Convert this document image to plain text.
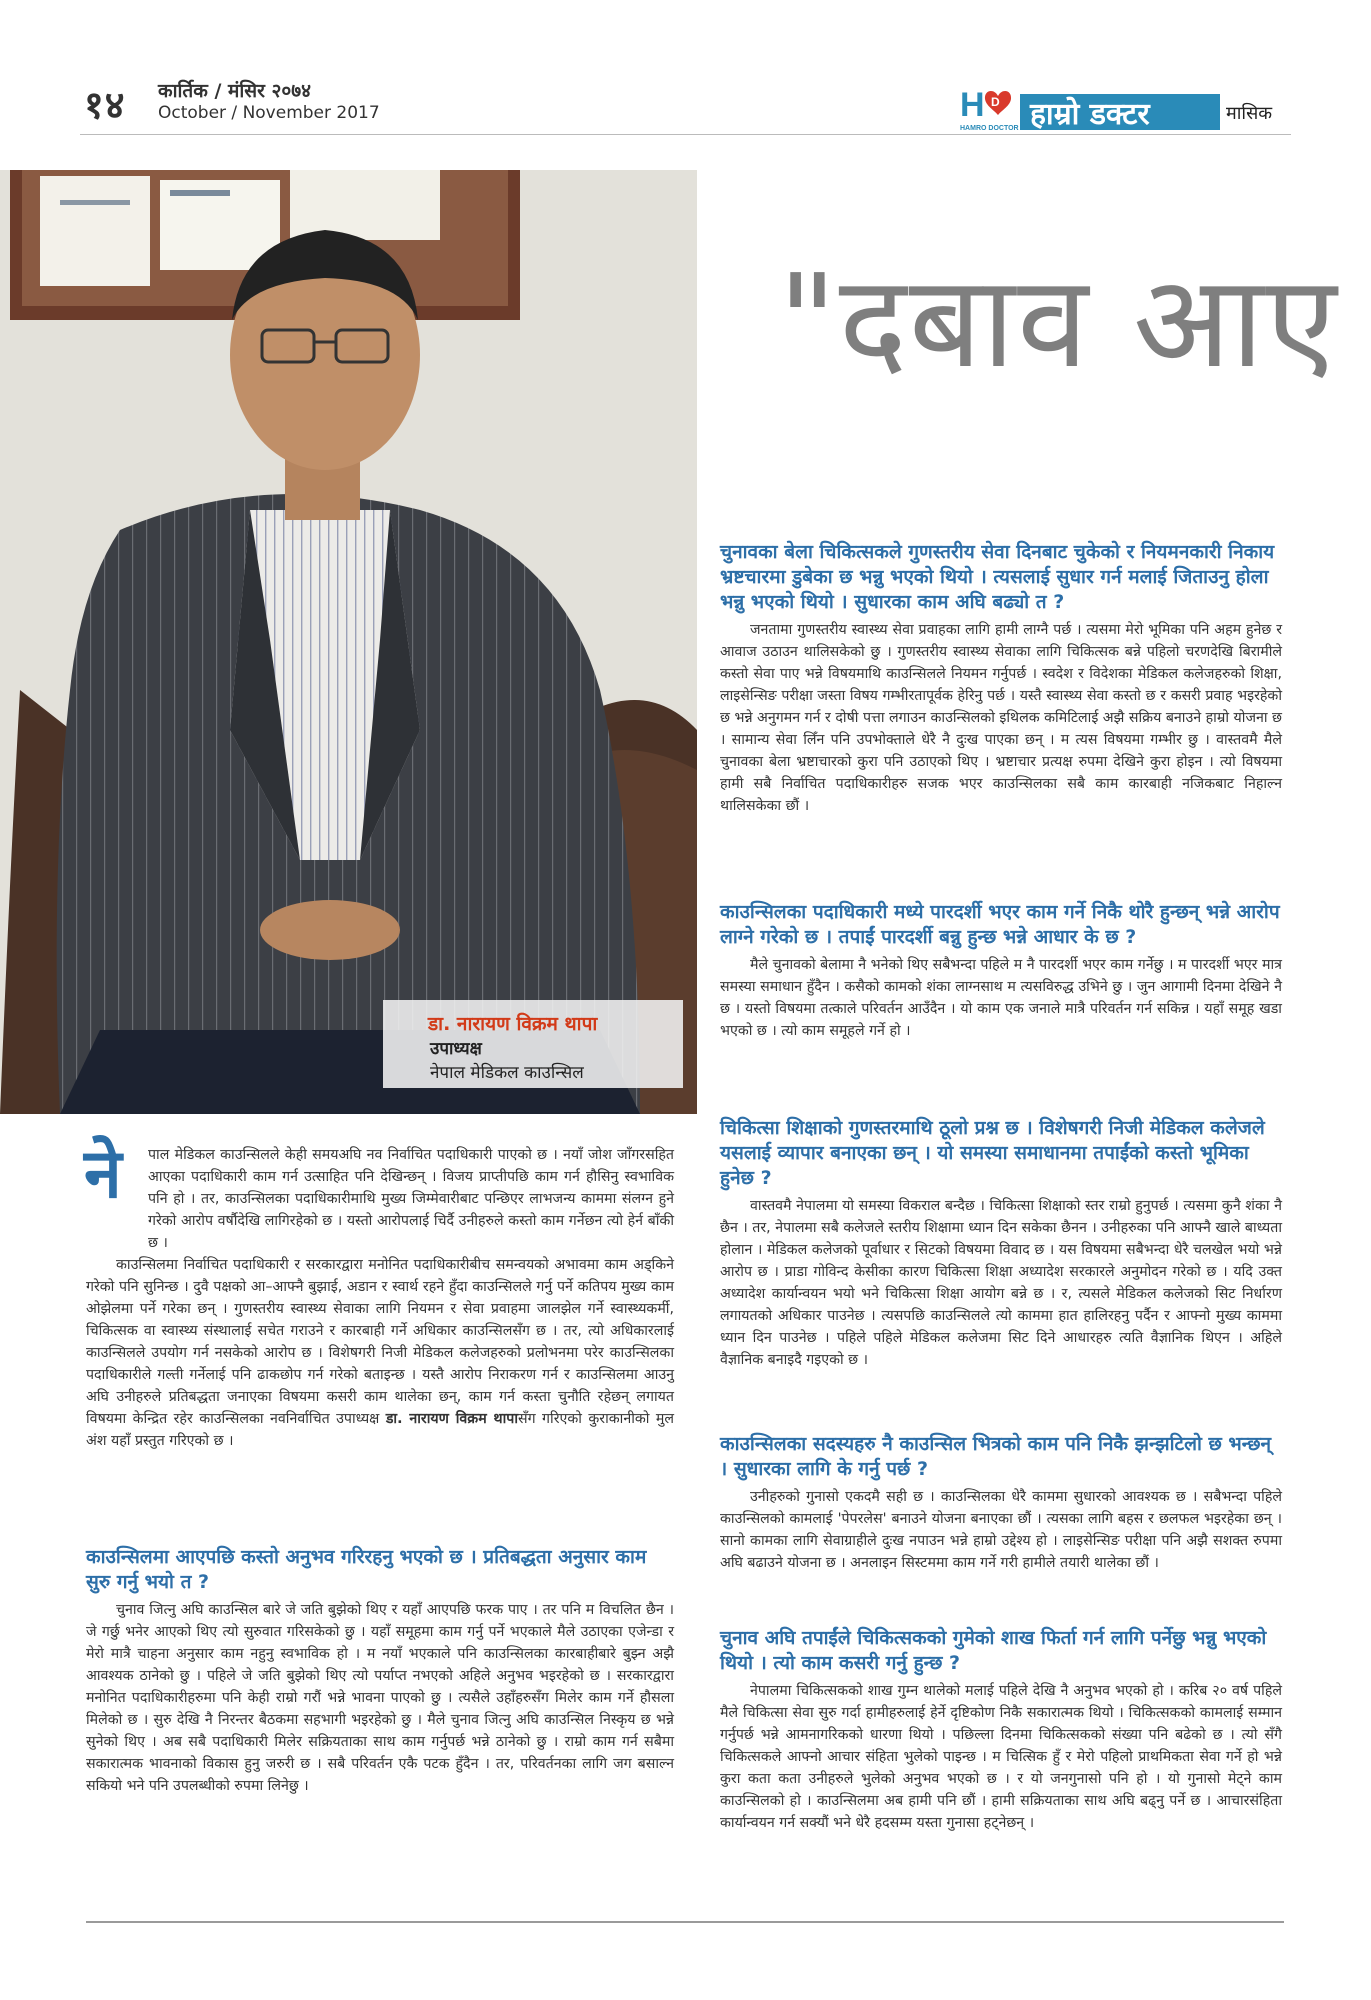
१४ कार्तिक / मंसिर २०७४
October / November 2017	H D
HAMRO DOCTOR हाम्रो डक्टर	मासिक
डा. नारायण विक्रम थापा
उपाध्यक्ष
नेपाल मेडिकल काउन्सिल
"दबाव आए

चुनावका बेला चिकित्सकले गुणस्तरीय सेवा दिनबाट चुकेको र नियमनकारी निकाय भ्रष्टचारमा डुबेका छ भन्नु भएको थियो । त्यसलाई सुधार गर्न मलाई जिताउनु होला भन्नु भएको थियो । सुधारका काम अघि बढ्यो त ?

जनतामा गुणस्तरीय स्वास्थ्य सेवा प्रवाहका लागि हामी लाग्नै पर्छ । त्यसमा मेरो भूमिका पनि अहम हुनेछ र आवाज उठाउन थालिसकेको छु । गुणस्तरीय स्वास्थ्य सेवाका लागि चिकित्सक बन्ने पहिलो चरणदेखि बिरामीले कस्तो सेवा पाए भन्ने विषयमाथि काउन्सिलले नियमन गर्नुपर्छ । स्वदेश र विदेशका मेडिकल कलेजहरुको शिक्षा, लाइसेन्सिङ परीक्षा जस्ता विषय गम्भीरतापूर्वक हेरिनु पर्छ । यस्तै स्वास्थ्य सेवा कस्तो छ र कसरी प्रवाह भइरहेको छ भन्ने अनुगमन गर्न र दोषी पत्ता लगाउन काउन्सिलको इथिलक कमिटिलाई अझै सक्रिय बनाउने हाम्रो योजना छ । सामान्य सेवा लिँन पनि उपभोक्ताले धेरै नै दुःख पाएका छन् । म त्यस विषयमा गम्भीर छु । वास्तवमै मैले चुनावका बेला भ्रष्टाचारको कुरा पनि उठाएको थिए । भ्रष्टाचार प्रत्यक्ष रुपमा देखिने कुरा होइन । त्यो विषयमा हामी सबै निर्वाचित पदाधिकारीहरु सजक भएर काउन्सिलका सबै काम कारबाही नजिकबाट निहाल्न थालिसकेका छौं ।

काउन्सिलका पदाधिकारी मध्ये पारदर्शी भएर काम गर्ने निकै थोरै हुन्छन् भन्ने आरोप लाग्ने गरेको छ । तपाईं पारदर्शी बन्नु हुन्छ भन्ने आधार के छ ?

मैले चुनावको बेलामा नै भनेको थिए सबैभन्दा पहिले म नै पारदर्शी भएर काम गर्नेछु । म पारदर्शी भएर मात्र समस्या समाधान हुँदैन । कसैको कामको शंका लाग्नसाथ म त्यसविरुद्ध उभिने छु । जुन आगामी दिनमा देखिने नै छ । यस्तो विषयमा तत्काले परिवर्तन आउँदैन । यो काम एक जनाले मात्रै परिवर्तन गर्न सकिन्न । यहाँ समूह खडा भएको छ । त्यो काम समूहले गर्ने हो ।

चिकित्सा शिक्षाको गुणस्तरमाथि ठूलो प्रश्न छ । विशेषगरी निजी मेडिकल कलेजले यसलाई व्यापार बनाएका छन् । यो समस्या समाधानमा तपाईंको कस्तो भूमिका हुनेछ ?

वास्तवमै नेपालमा यो समस्या विकराल बन्दैछ । चिकित्सा शिक्षाको स्तर राम्रो हुनुपर्छ । त्यसमा कुनै शंका नै छैन । तर, नेपालमा सबै कलेजले स्तरीय शिक्षामा ध्यान दिन सकेका छैनन । उनीहरुका पनि आफ्नै खाले बाध्यता होलान । मेडिकल कलेजको पूर्वाधार र सिटको विषयमा विवाद छ । यस विषयमा सबैभन्दा धेरै चलखेल भयो भन्ने आरोप छ । प्राडा गोविन्द केसीका कारण चिकित्सा शिक्षा अध्यादेश सरकारले अनुमोदन गरेको छ । यदि उक्त अध्यादेश कार्यान्वयन भयो भने चिकित्सा शिक्षा आयोग बन्ने छ । र, त्यसले मेडिकल कलेजको सिट निर्धारण लगायतको अधिकार पाउनेछ । त्यसपछि काउन्सिलले त्यो काममा हात हालिरहनु पर्दैन र आफ्नो मुख्य काममा ध्यान दिन पाउनेछ । पहिले पहिले मेडिकल कलेजमा सिट दिने आधारहरु त्यति वैज्ञानिक थिएन । अहिले वैज्ञानिक बनाइदै गइएको छ ।

काउन्सिलका सदस्यहरु नै काउन्सिल भित्रको काम पनि निकै झन्झटिलो छ भन्छन् । सुधारका लागि के गर्नु पर्छ ?

उनीहरुको गुनासो एकदमै सही छ । काउन्सिलका धेरै काममा सुधारको आवश्यक छ । सबैभन्दा पहिले काउन्सिलको कामलाई 'पेपरलेस' बनाउने योजना बनाएका छौं । त्यसका लागि बहस र छलफल भइरहेका छन् । सानो कामका लागि सेवाग्राहीले दुःख नपाउन भन्ने हाम्रो उद्देश्य हो । लाइसेन्सिङ परीक्षा पनि अझै सशक्त रुपमा अघि बढाउने योजना छ । अनलाइन सिस्टममा काम गर्ने गरी हामीले तयारी थालेका छौं ।

चुनाव अघि तपाईंले चिकित्सकको गुमेको शाख फिर्ता गर्न लागि पर्नेछु भन्नु भएको थियो । त्यो काम कसरी गर्नु हुन्छ ?

नेपालमा चिकित्सकको शाख गुम्न थालेको मलाई पहिले देखि नै अनुभव भएको हो । करिब २० वर्ष पहिले मैले चिकित्सा सेवा सुरु गर्दा हामीहरुलाई हेर्ने दृष्टिकोण निकै सकारात्मक थियो । चिकित्सकको कामलाई सम्मान गर्नुपर्छ भन्ने आमनागरिकको धारणा थियो । पछिल्ला दिनमा चिकित्सकको संख्या पनि बढेको छ । त्यो सँगै चिकित्सकले आफ्नो आचार संहिता भुलेको पाइन्छ । म चित्सिक हुँ र मेरो पहिलो प्राथमिकता सेवा गर्ने हो भन्ने कुरा कता कता उनीहरुले भुलेको अनुभव भएको छ । र यो जनगुनासो पनि हो । यो गुनासो मेट्ने काम काउन्सिलको हो । काउन्सिलमा अब हामी पनि छौं । हामी सक्रियताका साथ अघि बढ्नु पर्ने छ । आचारसंहिता कार्यान्वयन गर्न सक्यौं भने धेरै हदसम्म यस्ता गुनासा हट्नेछन् ।

ने	पाल मेडिकल काउन्सिलले केही समयअघि नव निर्वाचित पदाधिकारी पाएको छ । नयाँ जोश जाँगरसहित आएका पदाधिकारी काम गर्न उत्साहित पनि देखिन्छन् । विजय प्राप्तीपछि काम गर्न हौसिनु स्वभाविक पनि हो । तर, काउन्सिलका पदाधिकारीमाथि मुख्य जिम्मेवारीबाट पन्छिएर लाभजन्य काममा संलग्न हुने गरेको आरोप वर्षौदेखि लागिरहेको छ । यस्तो आरोपलाई चिर्दै उनीहरुले कस्तो काम गर्नेछन त्यो हेर्न बाँकी छ ।

काउन्सिलमा निर्वाचित पदाधिकारी र सरकारद्वारा मनोनित पदाधिकारीबीच समन्वयको अभावमा काम अड्किने गरेको पनि सुनिन्छ । दुवै पक्षको आ–आफ्नै बुझाई, अडान र स्वार्थ रहने हुँदा काउन्सिलले गर्नु पर्ने कतिपय मुख्य काम ओझेलमा पर्ने गरेका छन् । गुणस्तरीय स्वास्थ्य सेवाका लागि नियमन र सेवा प्रवाहमा जालझेल गर्ने स्वास्थ्यकर्मी, चिकित्सक वा स्वास्थ्य संस्थालाई सचेत गराउने र कारबाही गर्ने अधिकार काउन्सिलसँग छ । तर, त्यो अधिकारलाई काउन्सिलले उपयोग गर्न नसकेको आरोप छ । विशेषगरी निजी मेडिकल कलेजहरुको प्रलोभनमा परेर काउन्सिलका पदाधिकारीले गल्ती गर्नेलाई पनि ढाकछोप गर्न गरेको बताइन्छ । यस्तै आरोप निराकरण गर्न र काउन्सिलमा आउनु अघि उनीहरुले प्रतिबद्धता जनाएका विषयमा कसरी काम थालेका छन्, काम गर्न कस्ता चुनौति रहेछन् लगायत विषयमा केन्द्रित रहेर काउन्सिलका नवनिर्वाचित उपाध्यक्ष डा. नारायण विक्रम थापासँग गरिएको कुराकानीको मुल अंश यहाँ प्रस्तुत गरिएको छ ।

काउन्सिलमा आएपछि कस्तो अनुभव गरिरहनु भएको छ । प्रतिबद्धता अनुसार काम सुरु गर्नु भयो त ?

चुनाव जित्नु अघि काउन्सिल बारे जे जति बुझेको थिए र यहाँ आएपछि फरक पाए । तर पनि म विचलित छैन । जे गर्छु भनेर आएको थिए त्यो सुरुवात गरिसकेको छु । यहाँ समूहमा काम गर्नु पर्ने भएकाले मैले उठाएका एजेन्डा र मेरो मात्रै चाहना अनुसार काम नहुनु स्वभाविक हो । म नयाँ भएकाले पनि काउन्सिलका कारबाहीबारे बुझ्न अझै आवश्यक ठानेको छु । पहिले जे जति बुझेको थिए त्यो पर्याप्त नभएको अहिले अनुभव भइरहेको छ । सरकारद्वारा मनोनित पदाधिकारीहरुमा पनि केही राम्रो गरौं भन्ने भावना पाएको छु । त्यसैले उहाँहरुसँग मिलेर काम गर्ने हौसला मिलेको छ । सुरु देखि नै निरन्तर बैठकमा सहभागी भइरहेको छु । मैले चुनाव जित्नु अघि काउन्सिल निस्कृय छ भन्ने सुनेको थिए । अब सबै पदाधिकारी मिलेर सक्रियताका साथ काम गर्नुपर्छ भन्ने ठानेको छु । राम्रो काम गर्न सबैमा सकारात्मक भावनाको विकास हुनु जरुरी छ । सबै परिवर्तन एकै पटक हुँदैन । तर, परिवर्तनका लागि जग बसाल्न सकियो भने पनि उपलब्धीको रुपमा लिनेछु ।
